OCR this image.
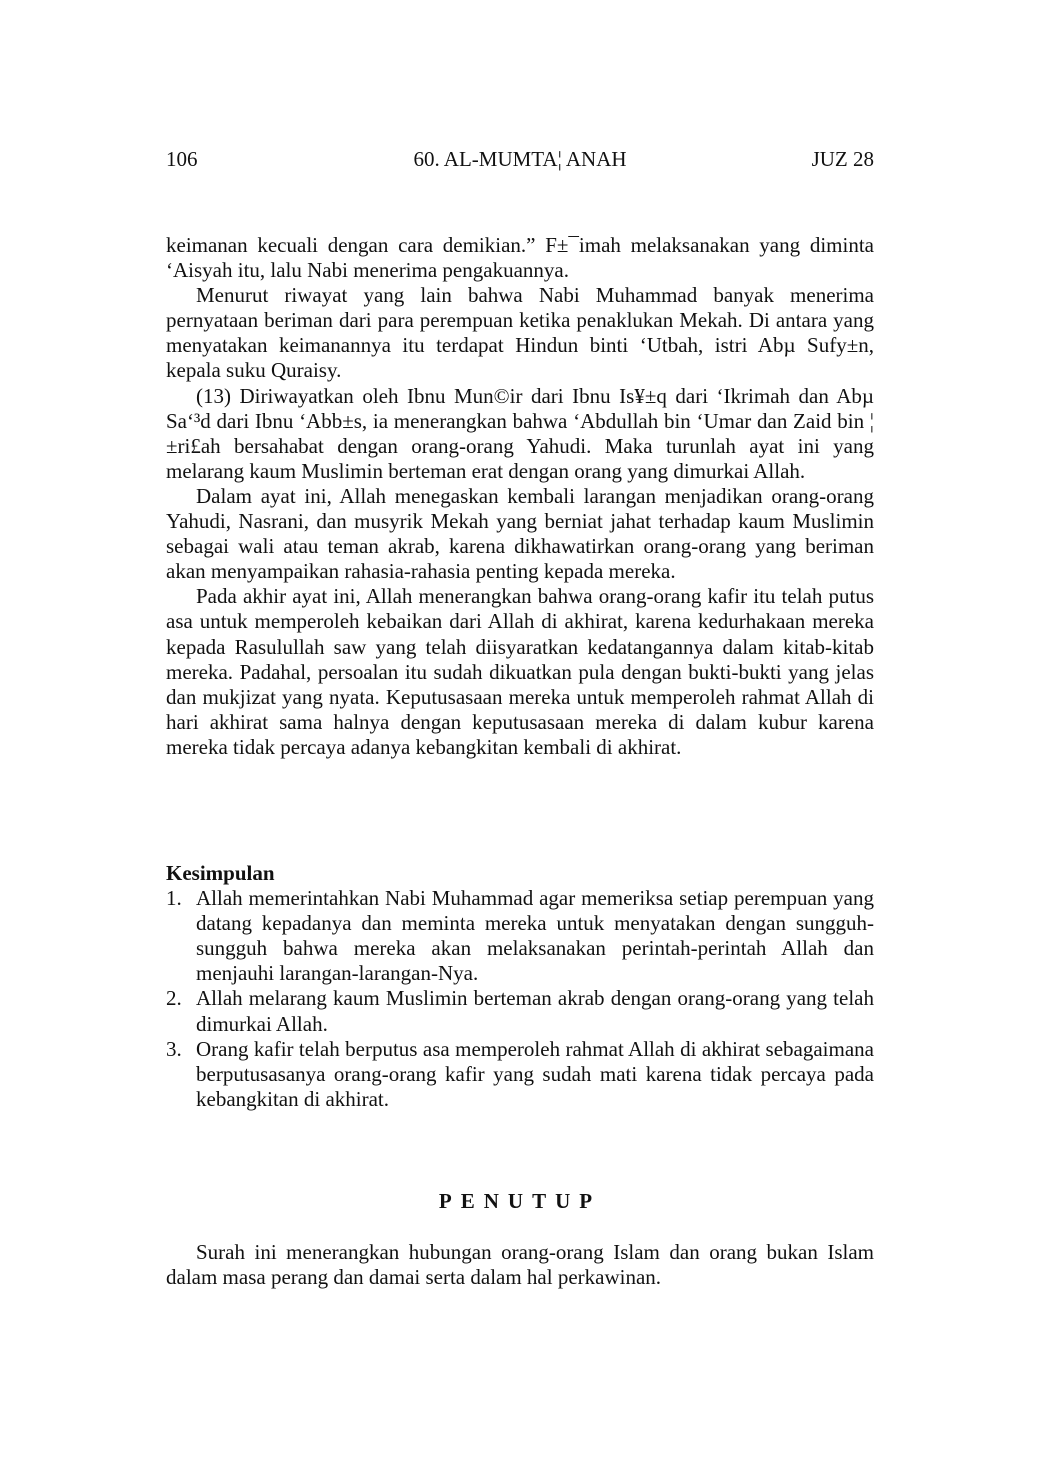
106	60. AL-MUMTA¦ ANAH	JUZ 28

keimanan kecuali dengan cara demikian.” F±¯imah melaksanakan yang diminta ‘Aisyah itu, lalu Nabi menerima pengakuannya.

Menurut riwayat yang lain bahwa Nabi Muhammad banyak menerima pernyataan beriman dari para perempuan ketika penaklukan Mekah. Di antara yang menyatakan keimanannya itu terdapat Hindun binti ‘Utbah, istri Abµ Sufy±n, kepala suku Quraisy.

(13) Diriwayatkan oleh Ibnu Mun©ir dari Ibnu Is¥±q dari ‘Ikrimah dan Abµ Sa‘³d dari Ibnu ‘Abb±s, ia menerangkan bahwa ‘Abdullah bin ‘Umar dan Zaid bin ¦ ±ri£ah bersahabat dengan orang-orang Yahudi. Maka turunlah ayat ini yang melarang kaum Muslimin berteman erat dengan orang yang dimurkai Allah.

Dalam ayat ini, Allah menegaskan kembali larangan menjadikan orang-orang Yahudi, Nasrani, dan musyrik Mekah yang berniat jahat terhadap kaum Muslimin sebagai wali atau teman akrab, karena dikhawatirkan orang-orang yang beriman akan menyampaikan rahasia-rahasia penting kepada mereka.

Pada akhir ayat ini, Allah menerangkan bahwa orang-orang kafir itu telah putus asa untuk memperoleh kebaikan dari Allah di akhirat, karena kedurhakaan mereka kepada Rasulullah saw yang telah diisyaratkan kedatangannya dalam kitab-kitab mereka. Padahal, persoalan itu sudah dikuatkan pula dengan bukti-bukti yang jelas dan mukjizat yang nyata. Keputusasaan mereka untuk memperoleh rahmat Allah di hari akhirat sama halnya dengan keputusasaan mereka di dalam kubur karena mereka tidak percaya adanya kebangkitan kembali di akhirat.

Kesimpulan
1. Allah memerintahkan Nabi Muhammad agar memeriksa setiap perempuan yang datang kepadanya dan meminta mereka untuk menyatakan dengan sungguh-sungguh bahwa mereka akan melaksanakan perintah-perintah Allah dan menjauhi larangan-larangan-Nya.
2. Allah melarang kaum Muslimin berteman akrab dengan orang-orang yang telah dimurkai Allah.
3. Orang kafir telah berputus asa memperoleh rahmat Allah di akhirat sebagaimana berputusasanya orang-orang kafir yang sudah mati karena tidak percaya pada kebangkitan di akhirat.
PENUTUP

Surah ini menerangkan hubungan orang-orang Islam dan orang bukan Islam dalam masa perang dan damai serta dalam hal perkawinan.
